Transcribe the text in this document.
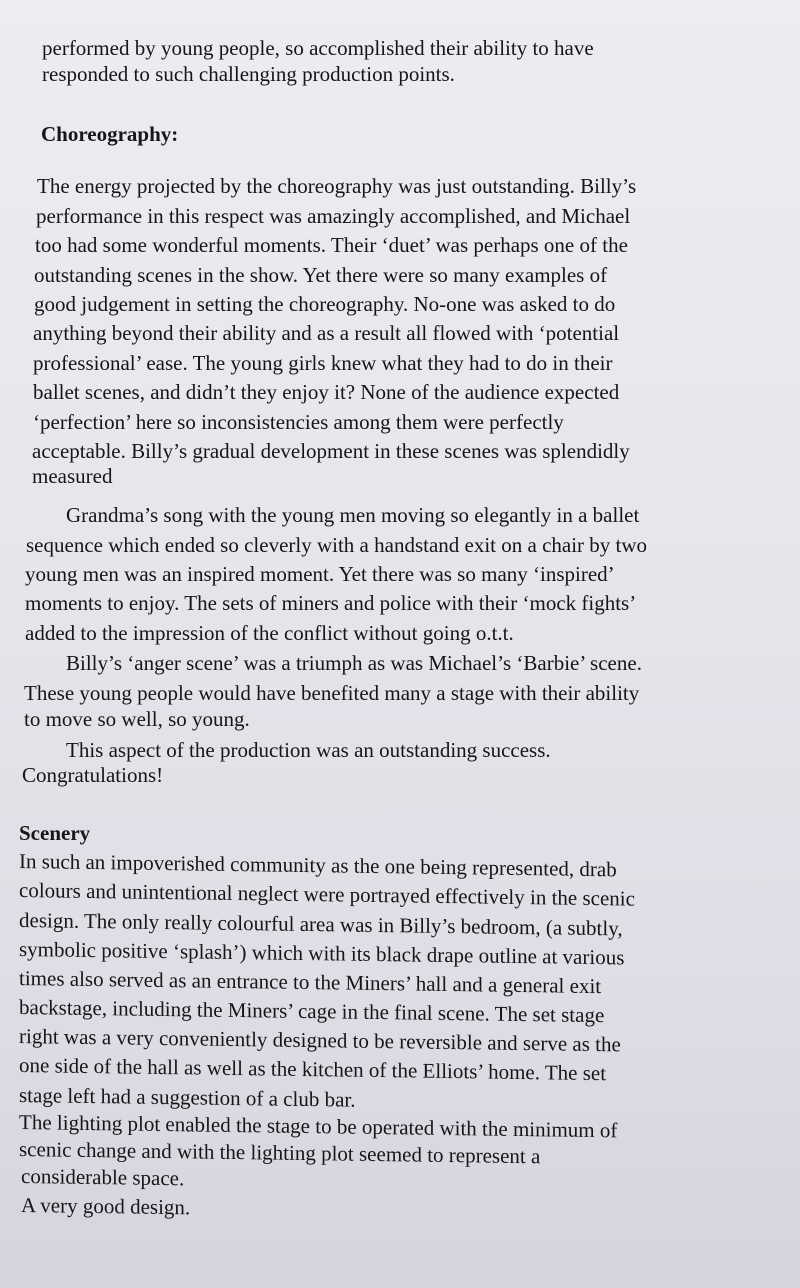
performed by young people, so accomplished their ability to have
responded to such challenging production points.
Choreography:
The energy projected by the choreography was just outstanding. Billy’s
performance in this respect was amazingly accomplished, and Michael
too had some wonderful moments. Their ‘duet’ was perhaps one of the
outstanding scenes in the show. Yet there were so many examples of
good judgement in setting the choreography. No-one was asked to do
anything beyond their ability and as a result all flowed with ‘potential
professional’ ease. The young girls knew what they had to do in their
ballet scenes, and didn’t they enjoy it? None of the audience expected
‘perfection’ here so inconsistencies among them were perfectly
acceptable. Billy’s gradual development in these scenes was splendidly
measured
Grandma’s song with the young men moving so elegantly in a ballet
sequence which ended so cleverly with a handstand exit on a chair by two
young men was an inspired moment. Yet there was so many ‘inspired’
moments to enjoy. The sets of miners and police with their ‘mock fights’
added to the impression of the conflict without going o.t.t.
Billy’s ‘anger scene’ was a triumph as was Michael’s ‘Barbie’ scene.
These young people would have benefited many a stage with their ability
to move so well, so young.
This aspect of the production was an outstanding success.
Congratulations!
Scenery
In such an impoverished community as the one being represented, drab
colours and unintentional neglect were portrayed effectively in the scenic
design. The only really colourful area was in Billy’s bedroom, (a subtly,
symbolic positive ‘splash’) which with its black drape outline at various
times also served as an entrance to the Miners’ hall and a general exit
backstage, including the Miners’ cage in the final scene. The set stage
right was a very conveniently designed to be reversible and serve as the
one side of the hall as well as the kitchen of the Elliots’ home. The set
stage left had a suggestion of a club bar.
The lighting plot enabled the stage to be operated with the minimum of
scenic change and with the lighting plot seemed to represent a
considerable space.
A very good design.
